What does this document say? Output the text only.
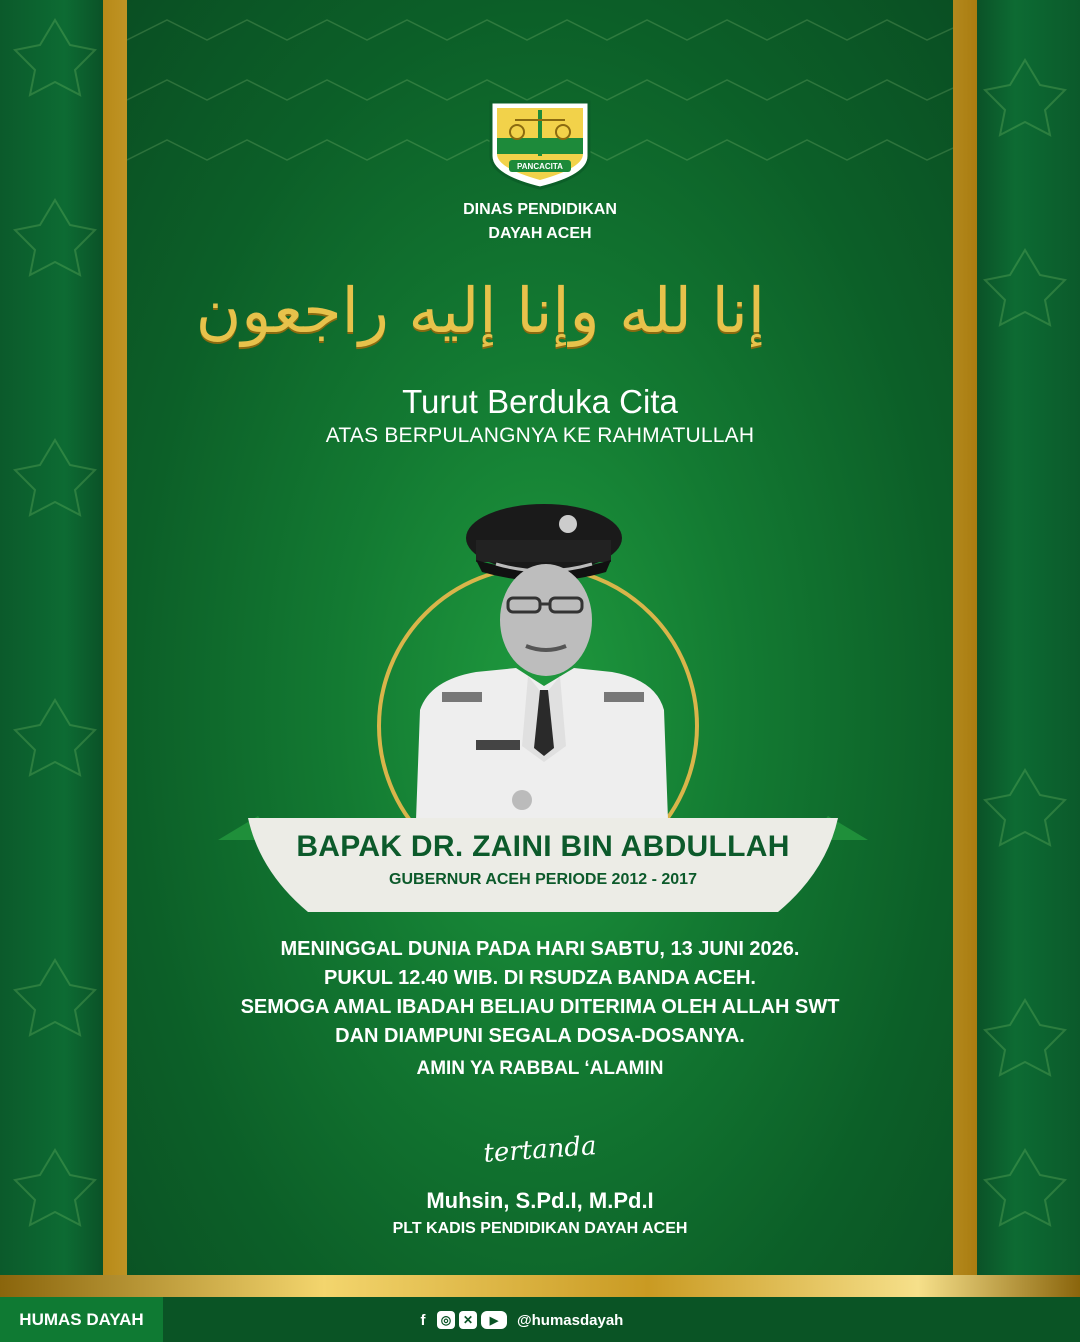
PANCACITA
DINAS PENDIDIKAN
DAYAH ACEH
إنا لله وإنا إليه راجعون
Turut Berduka Cita
ATAS BERPULANGNYA KE RAHMATULLAH
BAPAK DR. ZAINI BIN ABDULLAH
GUBERNUR ACEH PERIODE 2012 - 2017
MENINGGAL DUNIA PADA HARI SABTU, 13 JUNI 2026.
PUKUL 12.40 WIB. DI RSUDZA BANDA ACEH.
SEMOGA AMAL IBADAH BELIAU DITERIMA OLEH ALLAH SWT
DAN DIAMPUNI SEGALA DOSA-DOSANYA.
AMIN YA RABBAL ‘ALAMIN
tertanda
Muhsin, S.Pd.I, M.Pd.I
PLT KADIS PENDIDIKAN DAYAH ACEH
HUMAS DAYAH	f	◎ ✕	▶	@humasdayah
